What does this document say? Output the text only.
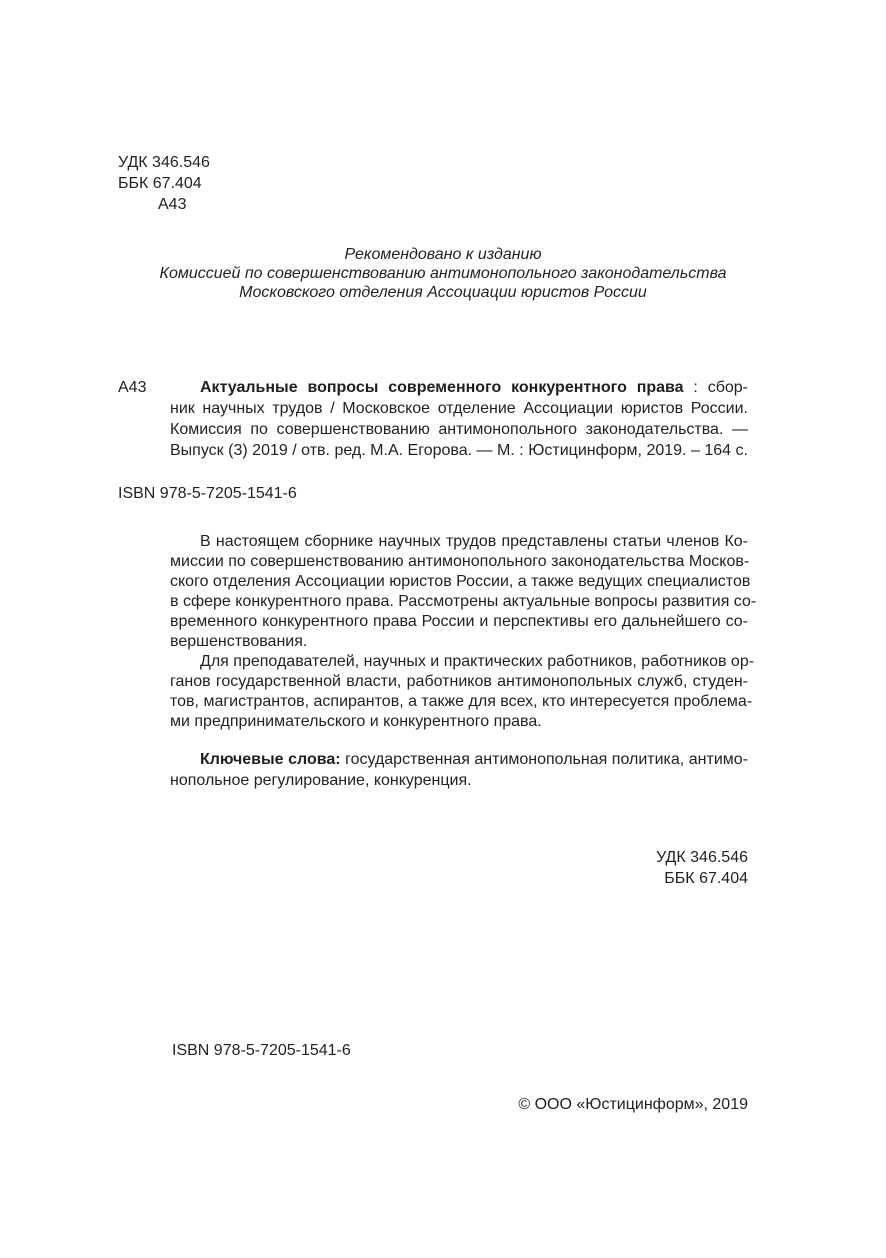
УДК 346.546
ББК 67.404
А43
Рекомендовано к изданию
Комиссией по совершенствованию антимонопольного законодательства
Московского отделения Ассоциации юристов России
А43	Актуальные вопросы современного конкурентного права : сбор-
ник научных трудов / Московское отделение Ассоциации юристов России.
Комиссия по совершенствованию антимонопольного законодательства. —
Выпуск (3) 2019 / отв. ред. М.А. Егорова. — М. : Юстицинформ, 2019. – 164 с.
ISBN 978-5-7205-1541-6
В настоящем сборнике научных трудов представлены статьи членов Ко-
миссии по совершенствованию антимонопольного законодательства Москов-
ского отделения Ассоциации юристов России, а также ведущих специалистов
в сфере конкурентного права. Рассмотрены актуальные вопросы развития со-
временного конкурентного права России и перспективы его дальнейшего со-
вершенствования.
Для преподавателей, научных и практических работников, работников ор-
ганов государственной власти, работников антимонопольных служб, студен-
тов, магистрантов, аспирантов, а также для всех, кто интересуется проблема-
ми предпринимательского и конкурентного права.
Ключевые слова: государственная антимонопольная политика, антимо-
нопольное регулирование, конкуренция.
УДК 346.546
ББК 67.404
ISBN 978-5-7205-1541-6
© ООО «Юстицинформ», 2019
